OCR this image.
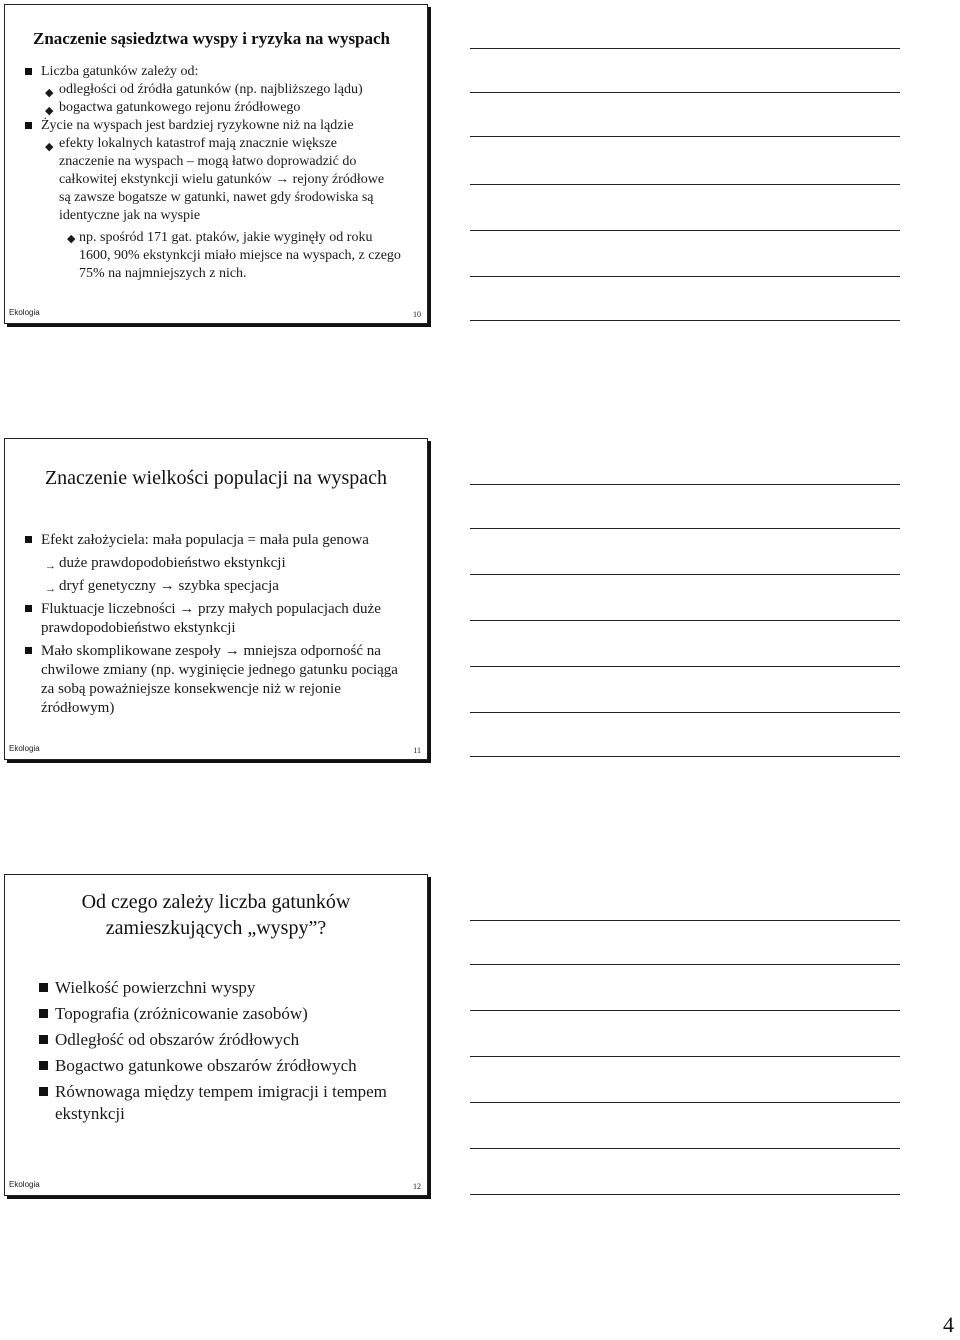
Znaczenie sąsiedztwa wyspy i ryzyka na wyspach
Liczba gatunków zależy od:
◆ odległości od źródła gatunków (np. najbliższego lądu)
◆ bogactwa gatunkowego rejonu źródłowego
Życie na wyspach jest bardziej ryzykowne niż na lądzie
◆ efekty lokalnych katastrof mają znacznie większe znaczenie na wyspach – mogą łatwo doprowadzić do całkowitej ekstynkcji wielu gatunków → rejony źródłowe są zawsze bogatsze w gatunki, nawet gdy środowiska są identyczne jak na wyspie
◆ np. spośród 171 gat. ptaków, jakie wyginęły od roku 1600, 90% ekstynkcji miało miejsce na wyspach, z czego 75% na najmniejszych z nich.
Ekologia	10
Znaczenie wielkości populacji na wyspach
Efekt założyciela: mała populacja = mała pula genowa
→ duże prawdopodobieństwo ekstynkcji
→ dryf genetyczny → szybka specjacja
Fluktuacje liczebności → przy małych populacjach duże prawdopodobieństwo ekstynkcji
Mało skomplikowane zespoły → mniejsza odporność na chwilowe zmiany (np. wyginięcie jednego gatunku pociąga za sobą poważniejsze konsekwencje niż w rejonie źródłowym)
Ekologia	11
Od czego zależy liczba gatunków zamieszkujących „wyspy”?
Wielkość powierzchni wyspy
Topografia (zróżnicowanie zasobów)
Odległość od obszarów źródłowych
Bogactwo gatunkowe obszarów źródłowych
Równowaga między tempem imigracji i tempem ekstynkcji
Ekologia	12
4
